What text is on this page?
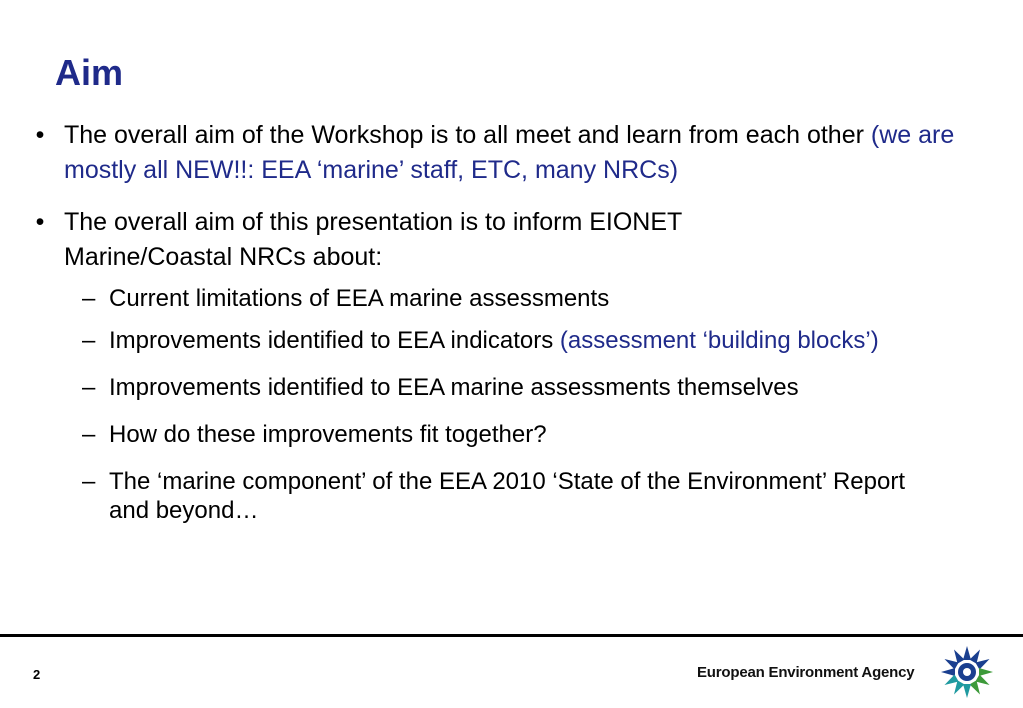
Aim
• The overall aim of the Workshop is to all meet and learn from each other (we are mostly all NEW!!: EEA ‘marine’ staff, ETC, many NRCs)
• The overall aim of this presentation is to inform EIONET Marine/Coastal NRCs about:
– Current limitations of EEA marine assessments
– Improvements identified to EEA indicators (assessment ‘building blocks’)
– Improvements identified to EEA marine assessments themselves
– How do these improvements fit together?
– The ‘marine component’ of the EEA 2010 ‘State of the Environment’ Report and beyond…
2	European Environment Agency
